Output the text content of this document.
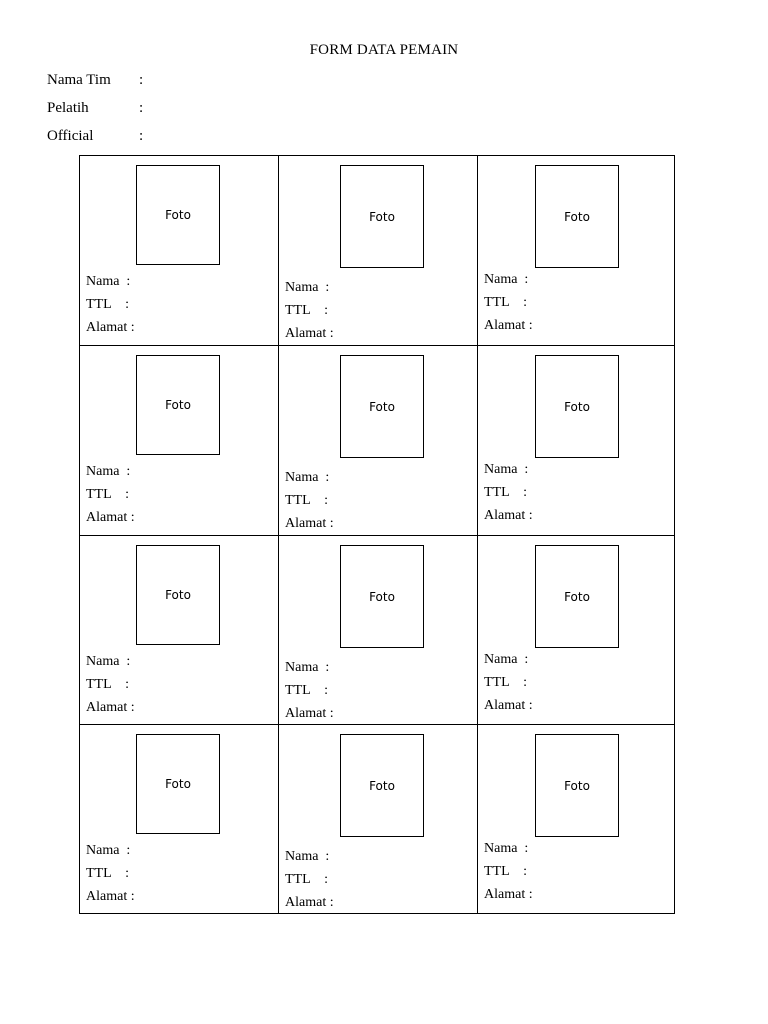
FORM DATA PEMAIN
Nama Tim :
Pelatih	:
Official	:
Foto
Nama  :
TTL    :
Alamat :
Foto
Nama  :
TTL    :
Alamat :
Foto
Nama  :
TTL    :
Alamat :
Foto
Nama  :
TTL    :
Alamat :
Foto
Nama  :
TTL    :
Alamat :
Foto
Nama  :
TTL    :
Alamat :
Foto
Nama  :
TTL    :
Alamat :
Foto
Nama  :
TTL    :
Alamat :
Foto
Nama  :
TTL    :
Alamat :
Foto
Nama  :
TTL    :
Alamat :
Foto
Nama  :
TTL    :
Alamat :
Foto
Nama  :
TTL    :
Alamat :
